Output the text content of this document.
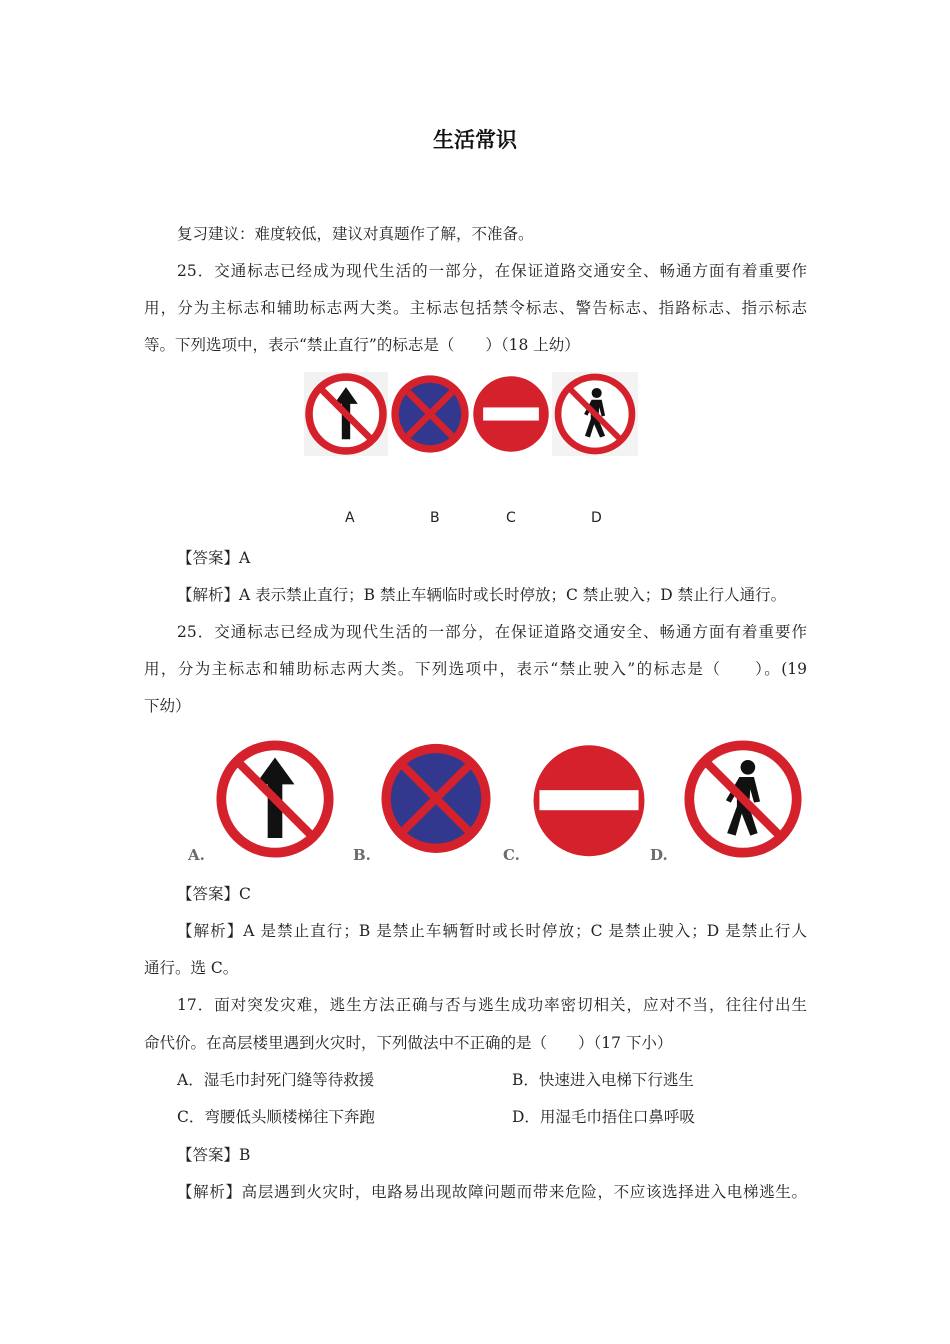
生活常识
复习建议：难度较低，建议对真题作了解，不准备。
25．交通标志已经成为现代生活的一部分，在保证道路交通安全、畅通方面有着重要作
用，分为主标志和辅助标志两大类。主标志包括禁令标志、警告标志、指路标志、指示标志
等。下列选项中，表示“禁止直行”的标志是（　　）（18 上幼）
A	B	C	D
【答案】A
【解析】A 表示禁止直行；B 禁止车辆临时或长时停放；C 禁止驶入；D 禁止行人通行。
25．交通标志已经成为现代生活的一部分，在保证道路交通安全、畅通方面有着重要作
用，分为主标志和辅助标志两大类。下列选项中，表示“禁止驶入”的标志是（　　）。(19
下幼）
A.	B.	C.	D.
【答案】C
【解析】A 是禁止直行；B 是禁止车辆暂时或长时停放；C 是禁止驶入；D 是禁止行人
通行。选 C。
17．面对突发灾难，逃生方法正确与否与逃生成功率密切相关，应对不当，往往付出生
命代价。在高层楼里遇到火灾时，下列做法中不正确的是（　　）（17 下小）
A．湿毛巾封死门缝等待救援	B．快速进入电梯下行逃生
C．弯腰低头顺楼梯往下奔跑	D．用湿毛巾捂住口鼻呼吸
【答案】B
【解析】高层遇到火灾时，电路易出现故障问题而带来危险，不应该选择进入电梯逃生。
